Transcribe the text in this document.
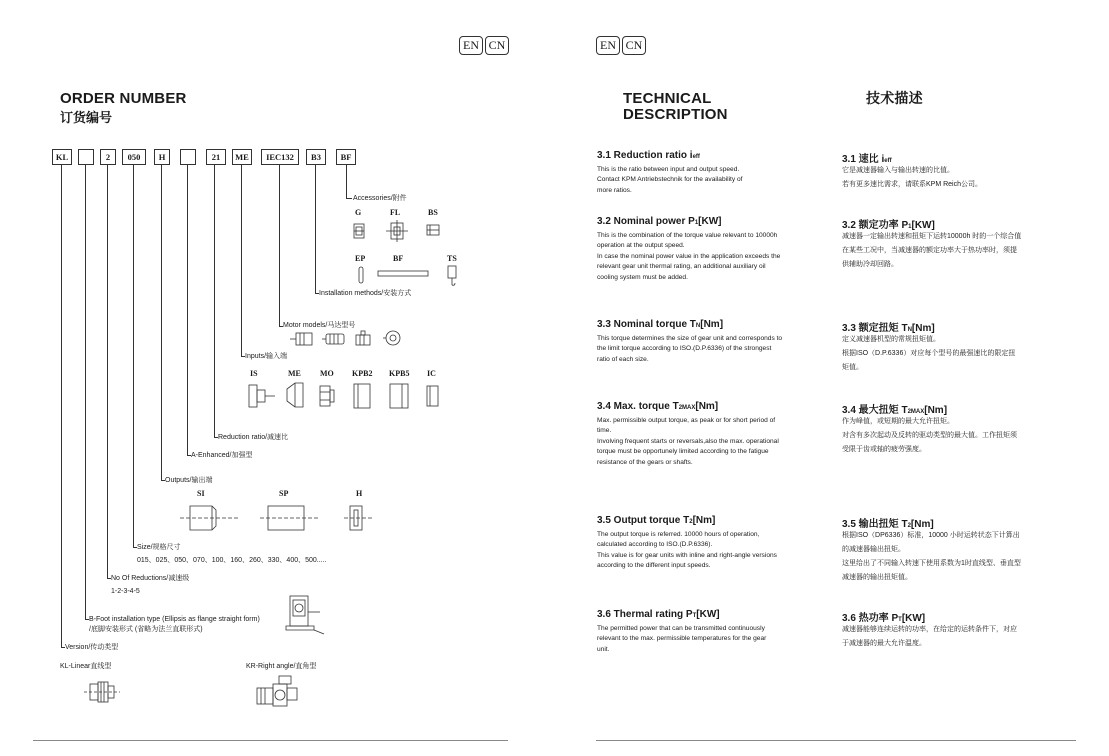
EN CN
ORDER NUMBER
订货编号
KL	2	050	H	21	ME	IEC132	B3	BF
Accessories/附件
G	FL	BS
EP	BF	TS
Installation methods/安装方式
Motor models/马达型号
Inputs/输入端
IS	ME MO KPB2 KPB5 IC
Reduction ratio/减速比
A-Enhanced/加强型
Outputs/输出端
SI	SP	H
Size/规格尺寸
015、025、050、070、100、160、260、330、400、500.....
No Of Reductions/减速级
1-2-3-4-5
B-Foot installation type (Ellipsis as flange straight form)
/底脚安装形式 (省略为法兰直联形式)
Version/传动类型
KL-Linear直线型	KR-Right angle/直角型
EN CN
TECHNICAL
DESCRIPTION
技术描述
3.1 Reduction ratio ieff	3.1 速比 ieff
This is the ratio between input and output speed.
Contact KPM Antriebstechnik for the availability of
more ratios.
它是减速器输入与输出转速的比值。
若有更多速比需求，请联系KPM Reich公司。
3.2 Nominal power P1[KW]	3.2 额定功率 P1[KW]
This is the combination of the torque value relevant to 10000h
operation at the output speed.
In case the nominal power value in the application exceeds the
relevant gear unit thermal rating, an additional auxiliary oil
cooling system must be added.
减速器一定输出转速和扭矩下运转10000h 时的一个综合值
在某些工况中，当减速器的额定功率大于热功率时，须提
供辅助冷却回路。
3.3 Nominal torque TN[Nm]	3.3 额定扭矩 TN[Nm]
This torque determines the size of gear unit and corresponds to
the limit torque according to ISO.(D.P.6336) of the strongest
ratio of each size.
定义减速器机型的常规扭矩值。
根据ISO（D.P.6336）对应每个型号的最强速比的限定扭
矩值。
3.4 Max. torque T2MAX[Nm]	3.4 最大扭矩 T2MAX[Nm]
Max. permissible output torque, as peak or for short period of
time.
Involving frequent starts or reversals,also the max. operational
torque must be opportunely limited according to the fatigue
resistance of the gears or shafts.
作为峰值，或短期的最大允许扭矩。
对含有多次起动及反转的驱动类型的最大值。工作扭矩须
受限于齿或轴的疲劳强度。
3.5 Output torque T2[Nm]	3.5 输出扭矩 T2[Nm]
The output torque is referred. 10000 hours of operation,
calculated according to ISO.(D.P.6336).
This value is for gear units with inline and right-angle versions
according to the different input speeds.
根据ISO（DP6336）标准，10000 小时运转状态下计算出
的减速器输出扭矩。
这里给出了不同输入转速下使用系数为1时直线型、垂直型
减速器的输出扭矩值。
3.6 Thermal rating PT[KW]	3.6 热功率 PT[KW]
The permitted power that can be transmitted continuously
relevant to the max. permissible temperatures for the gear
unit.
减速器能够连续运转的功率，在给定的运转条件下，对应
于减速器的最大允许温度。
